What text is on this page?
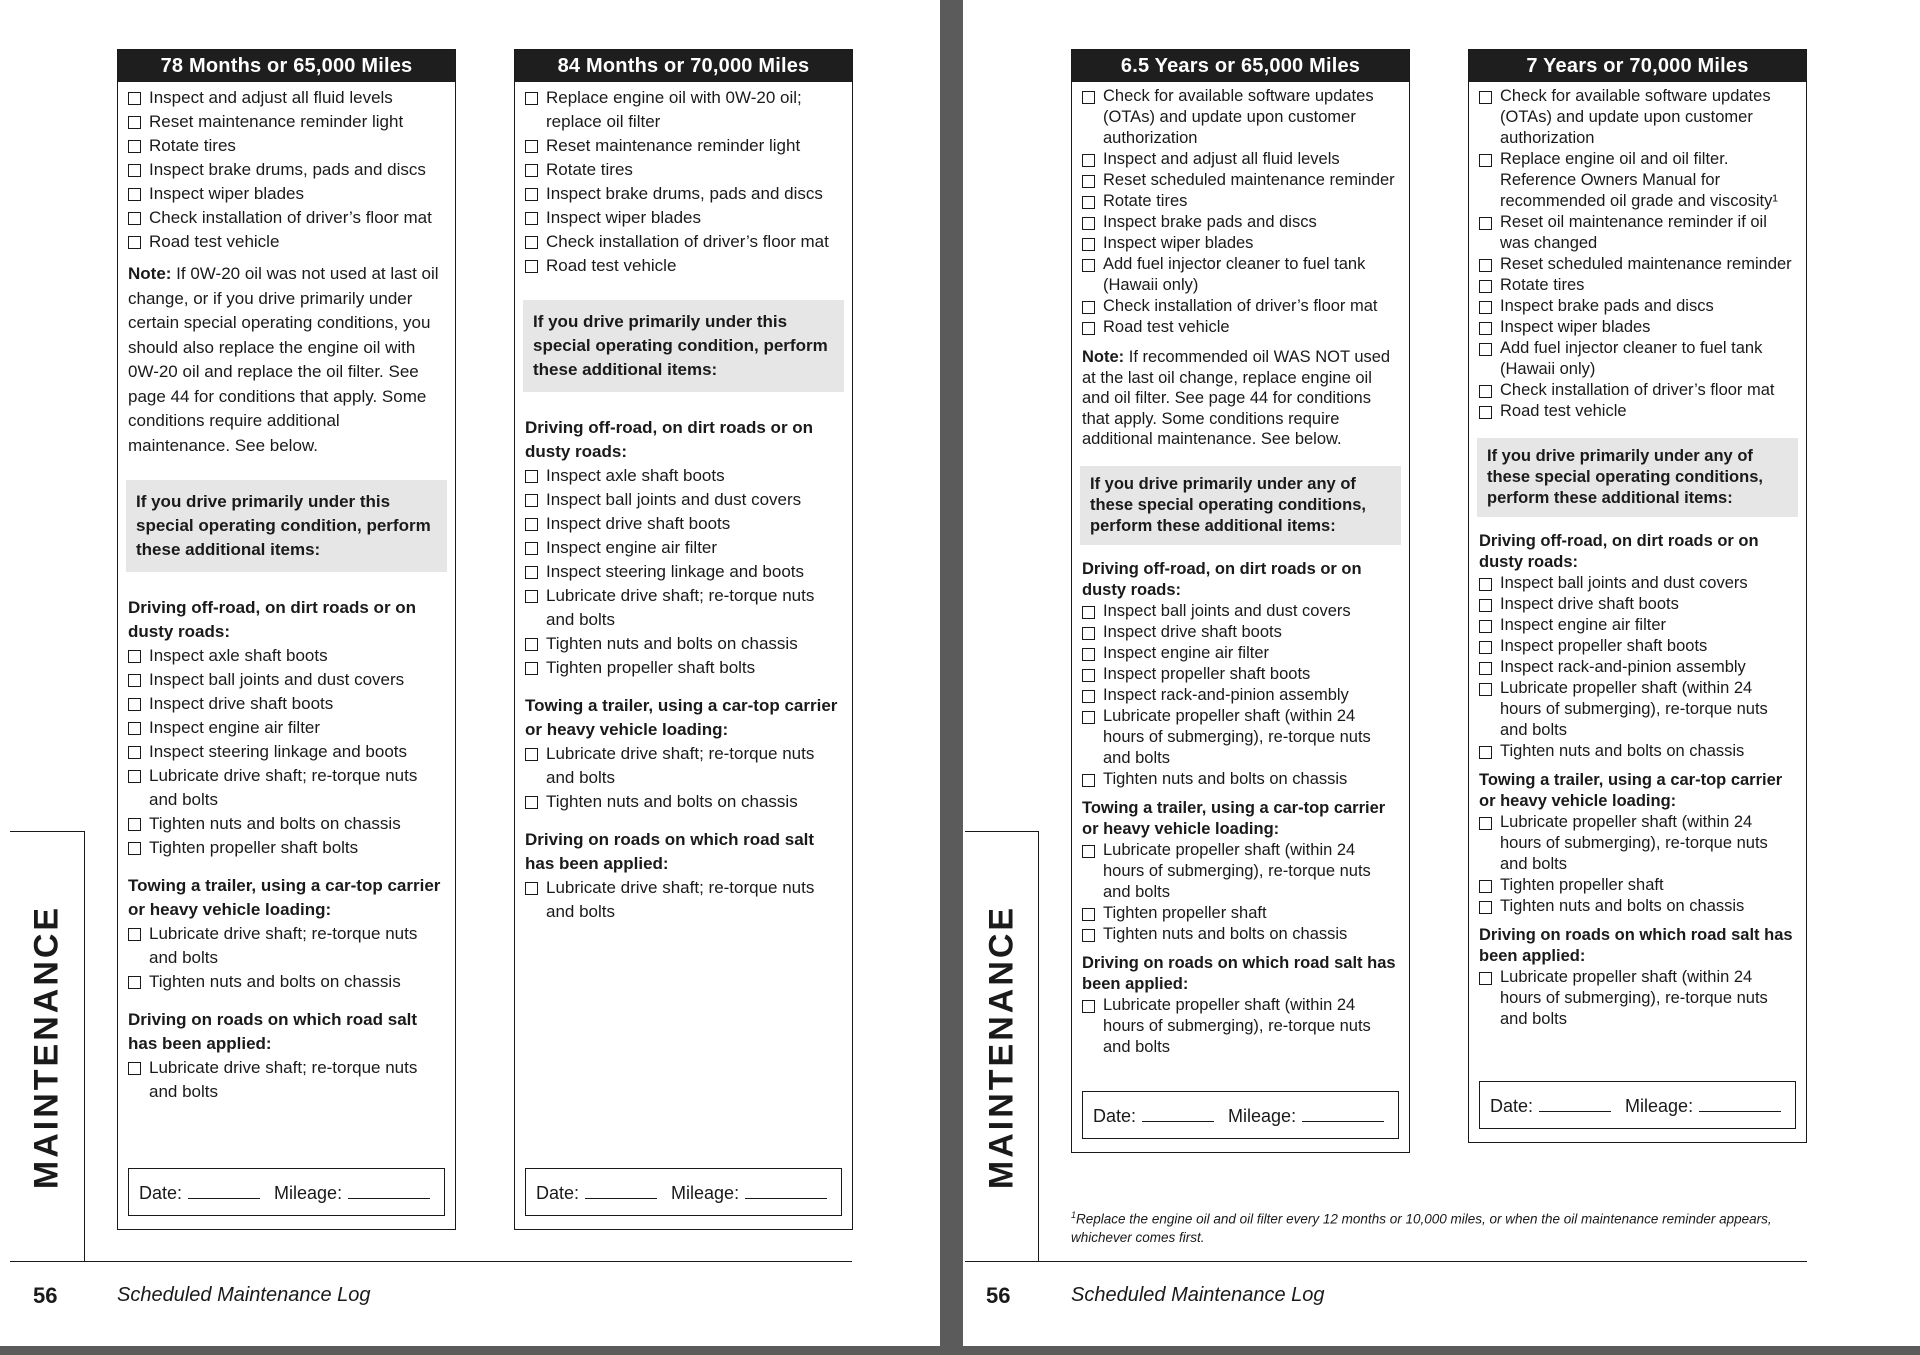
78 Months or 65,000 Miles
Inspect and adjust all fluid levels
Reset maintenance reminder light
Rotate tires
Inspect brake drums, pads and discs
Inspect wiper blades
Check installation of driver’s floor mat
Road test vehicle
Note: If 0W-20 oil was not used at last oil change, or if you drive primarily under certain special operating conditions, you should also replace the engine oil with 0W-20 oil and replace the oil filter. See page 44 for conditions that apply. Some conditions require additional maintenance. See below.
If you drive primarily under this special operating condition, perform these additional items:
Driving off-road, on dirt roads or on dusty roads:
Inspect axle shaft boots
Inspect ball joints and dust covers
Inspect drive shaft boots
Inspect engine air filter
Inspect steering linkage and boots
Lubricate drive shaft; re-torque nuts and bolts
Tighten nuts and bolts on chassis
Tighten propeller shaft bolts
Towing a trailer, using a car-top carrier or heavy vehicle loading:
Lubricate drive shaft; re-torque nuts and bolts
Tighten nuts and bolts on chassis
Driving on roads on which road salt has been applied:
Lubricate drive shaft; re-torque nuts and bolts
Date:	Mileage:
84 Months or 70,000 Miles
Replace engine oil with 0W-20 oil; replace oil filter
Reset maintenance reminder light
Rotate tires
Inspect brake drums, pads and discs
Inspect wiper blades
Check installation of driver’s floor mat
Road test vehicle
If you drive primarily under this special operating condition, perform these additional items:
Driving off-road, on dirt roads or on dusty roads:
Inspect axle shaft boots
Inspect ball joints and dust covers
Inspect drive shaft boots
Inspect engine air filter
Inspect steering linkage and boots
Lubricate drive shaft; re-torque nuts and bolts
Tighten nuts and bolts on chassis
Tighten propeller shaft bolts
Towing a trailer, using a car-top carrier or heavy vehicle loading:
Lubricate drive shaft; re-torque nuts and bolts
Tighten nuts and bolts on chassis
Driving on roads on which road salt has been applied:
Lubricate drive shaft; re-torque nuts and bolts
Date:	Mileage:
MAINTENANCE
56	Scheduled Maintenance Log
6.5 Years or 65,000 Miles
Check for available software updates (OTAs) and update upon customer authorization
Inspect and adjust all fluid levels
Reset scheduled maintenance reminder
Rotate tires
Inspect brake pads and discs
Inspect wiper blades
Add fuel injector cleaner to fuel tank (Hawaii only)
Check installation of driver’s floor mat
Road test vehicle
Note: If recommended oil WAS NOT used at the last oil change, replace engine oil and oil filter. See page 44 for conditions that apply. Some conditions require additional maintenance. See below.
If you drive primarily under any of these special operating conditions, perform these additional items:
Driving off-road, on dirt roads or on dusty roads:
Inspect ball joints and dust covers
Inspect drive shaft boots
Inspect engine air filter
Inspect propeller shaft boots
Inspect rack-and-pinion assembly
Lubricate propeller shaft (within 24 hours of submerging), re-torque nuts and bolts
Tighten nuts and bolts on chassis
Towing a trailer, using a car-top carrier or heavy vehicle loading:
Lubricate propeller shaft (within 24 hours of submerging), re-torque nuts and bolts
Tighten propeller shaft
Tighten nuts and bolts on chassis
Driving on roads on which road salt has been applied:
Lubricate propeller shaft (within 24 hours of submerging), re-torque nuts and bolts
Date:	Mileage:
7 Years or 70,000 Miles
Check for available software updates (OTAs) and update upon customer authorization
Replace engine oil and oil filter. Reference Owners Manual for recommended oil grade and viscosity¹
Reset oil maintenance reminder if oil was changed
Reset scheduled maintenance reminder
Rotate tires
Inspect brake pads and discs
Inspect wiper blades
Add fuel injector cleaner to fuel tank (Hawaii only)
Check installation of driver’s floor mat
Road test vehicle
If you drive primarily under any of these special operating conditions, perform these additional items:
Driving off-road, on dirt roads or on dusty roads:
Inspect ball joints and dust covers
Inspect drive shaft boots
Inspect engine air filter
Inspect propeller shaft boots
Inspect rack-and-pinion assembly
Lubricate propeller shaft (within 24 hours of submerging), re-torque nuts and bolts
Tighten nuts and bolts on chassis
Towing a trailer, using a car-top carrier or heavy vehicle loading:
Lubricate propeller shaft (within 24 hours of submerging), re-torque nuts and bolts
Tighten propeller shaft
Tighten nuts and bolts on chassis
Driving on roads on which road salt has been applied:
Lubricate propeller shaft (within 24 hours of submerging), re-torque nuts and bolts
Date:	Mileage:
$^1$Replace the engine oil and oil filter every 12 months or 10,000 miles, or when the oil maintenance reminder appears, whichever comes first.
MAINTENANCE
56	Scheduled Maintenance Log
